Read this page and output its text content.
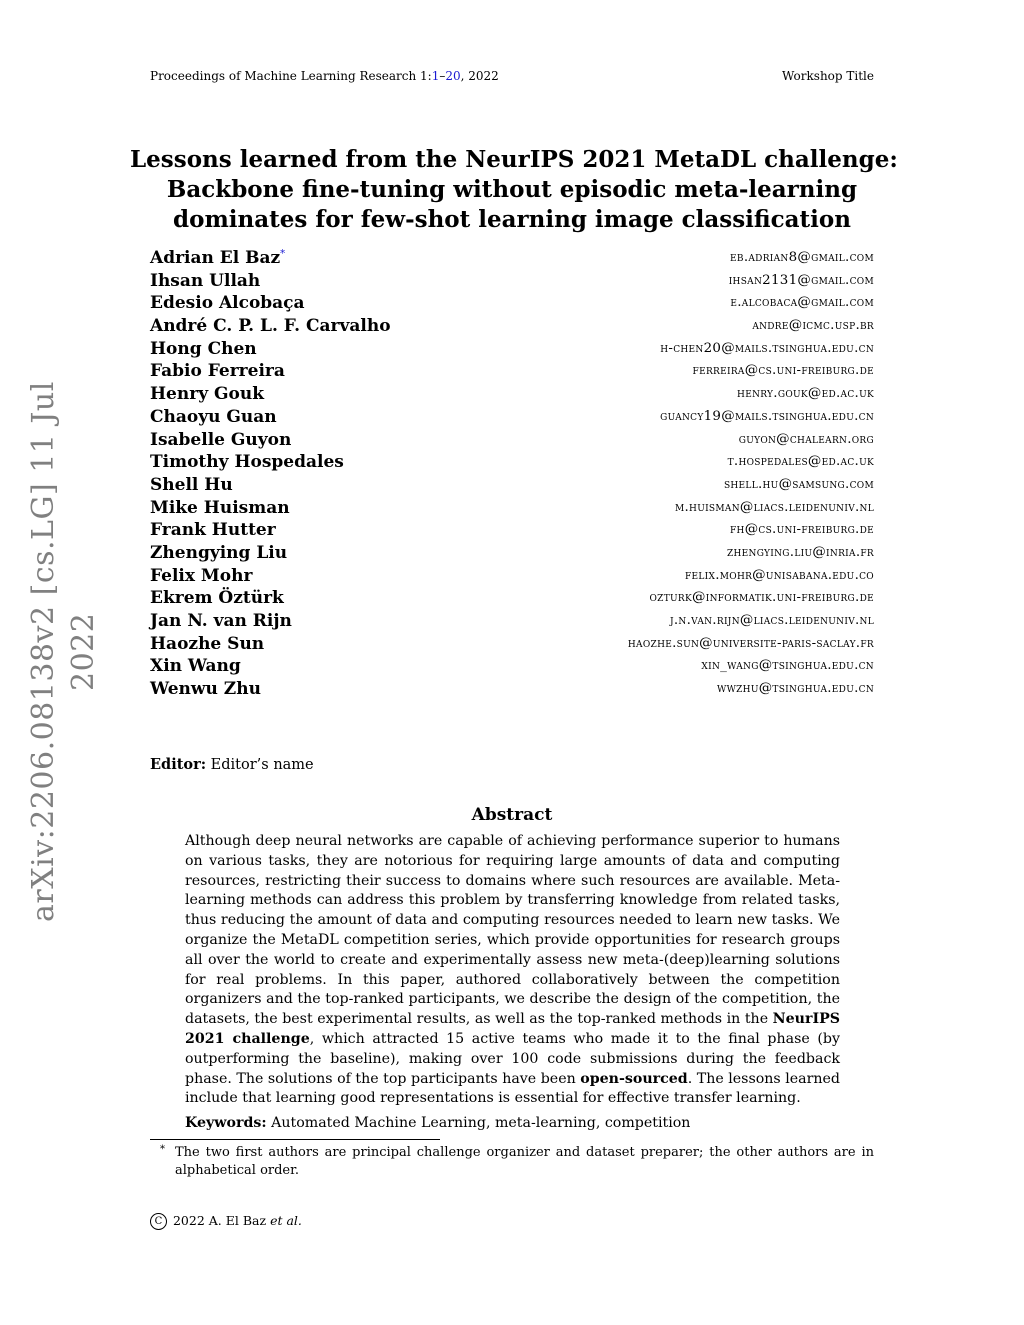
Proceedings of Machine Learning Research 1:1–20, 2022	Workshop Title
arXiv:2206.08138v2 [cs.LG] 11 Jul 2022
Lessons learned from the NeurIPS 2021 MetaDL challenge:
Backbone fine-tuning without episodic meta-learning
dominates for few-shot learning image classification
Adrian El Baz*	eb.adrian8@gmail.com
Ihsan Ullah	ihsan2131@gmail.com
Edesio Alcobaça	e.alcobaca@gmail.com
André C. P. L. F. Carvalho	andre@icmc.usp.br
Hong Chen	h-chen20@mails.tsinghua.edu.cn
Fabio Ferreira	ferreira@cs.uni-freiburg.de
Henry Gouk	henry.gouk@ed.ac.uk
Chaoyu Guan	guancy19@mails.tsinghua.edu.cn
Isabelle Guyon	guyon@chalearn.org
Timothy Hospedales	t.hospedales@ed.ac.uk
Shell Hu	shell.hu@samsung.com
Mike Huisman	m.huisman@liacs.leidenuniv.nl
Frank Hutter	fh@cs.uni-freiburg.de
Zhengying Liu	zhengying.liu@inria.fr
Felix Mohr	felix.mohr@unisabana.edu.co
Ekrem Öztürk	ozturk@informatik.uni-freiburg.de
Jan N. van Rijn	j.n.van.rijn@liacs.leidenuniv.nl
Haozhe Sun	haozhe.sun@universite-paris-saclay.fr
Xin Wang	xin_wang@tsinghua.edu.cn
Wenwu Zhu	wwzhu@tsinghua.edu.cn
Editor: Editor’s name
Abstract

Although deep neural networks are capable of achieving performance superior to humans on various tasks, they are notorious for requiring large amounts of data and computing resources, restricting their success to domains where such resources are available. Meta-learning methods can address this problem by transferring knowledge from related tasks, thus reducing the amount of data and computing resources needed to learn new tasks. We organize the MetaDL competition series, which provide opportunities for research groups all over the world to create and experimentally assess new meta-(deep)learning solutions for real problems. In this paper, authored collaboratively between the competition organizers and the top-ranked participants, we describe the design of the competition, the datasets, the best experimental results, as well as the top-ranked methods in the NeurIPS 2021 challenge, which attracted 15 active teams who made it to the final phase (by outperforming the baseline), making over 100 code submissions during the feedback phase. The solutions of the top participants have been open-sourced. The lessons learned include that learning good representations is essential for effective transfer learning.

Keywords: Automated Machine Learning, meta-learning, competition
* The two first authors are principal challenge organizer and dataset preparer; the other authors are in alphabetical order.
C 2022 A. El Baz et al.
